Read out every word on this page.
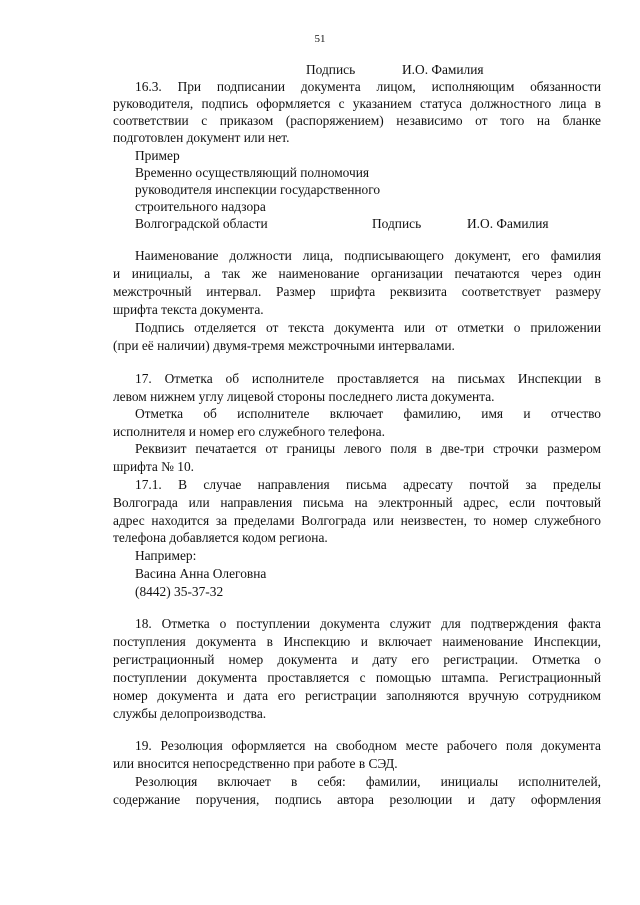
51
Подпись	И.О. Фамилия
16.3. При подписании документа лицом, исполняющим обязанности
руководителя, подпись оформляется с указанием статуса должностного лица в
соответствии с приказом (распоряжением) независимо от того на бланке
подготовлен документ или нет.
Пример
Временно осуществляющий полномочия
руководителя инспекции государственного
строительного надзора
Волгоградской области	Подпись	И.О. Фамилия
Наименование должности лица, подписывающего документ, его фамилия
и инициалы, а так же наименование организации печатаются через один
межстрочный интервал. Размер шрифта реквизита соответствует размеру
шрифта текста документа.
Подпись отделяется от текста документа или от отметки о приложении
(при её наличии) двумя-тремя межстрочными интервалами.
17. Отметка об исполнителе проставляется на письмах Инспекции в
левом нижнем углу лицевой стороны последнего листа документа.
Отметка об исполнителе включает фамилию, имя и отчество
исполнителя и номер его служебного телефона.
Реквизит печатается от границы левого поля в две-три строчки размером
шрифта № 10.
17.1. В случае направления письма адресату почтой за пределы
Волгограда или направления письма на электронный адрес, если почтовый
адрес находится за пределами Волгограда или неизвестен, то номер служебного
телефона добавляется кодом региона.
Например:
Васина Анна Олеговна
(8442) 35-37-32
18. Отметка о поступлении документа служит для подтверждения факта
поступления документа в Инспекцию и включает наименование Инспекции,
регистрационный номер документа и дату его регистрации. Отметка о
поступлении документа проставляется с помощью штампа. Регистрационный
номер документа и дата его регистрации заполняются вручную сотрудником
службы делопроизводства.
19. Резолюция оформляется на свободном месте рабочего поля документа
или вносится непосредственно при работе в СЭД.
Резолюция включает в себя: фамилии, инициалы исполнителей,
содержание поручения, подпись автора резолюции и дату оформления
